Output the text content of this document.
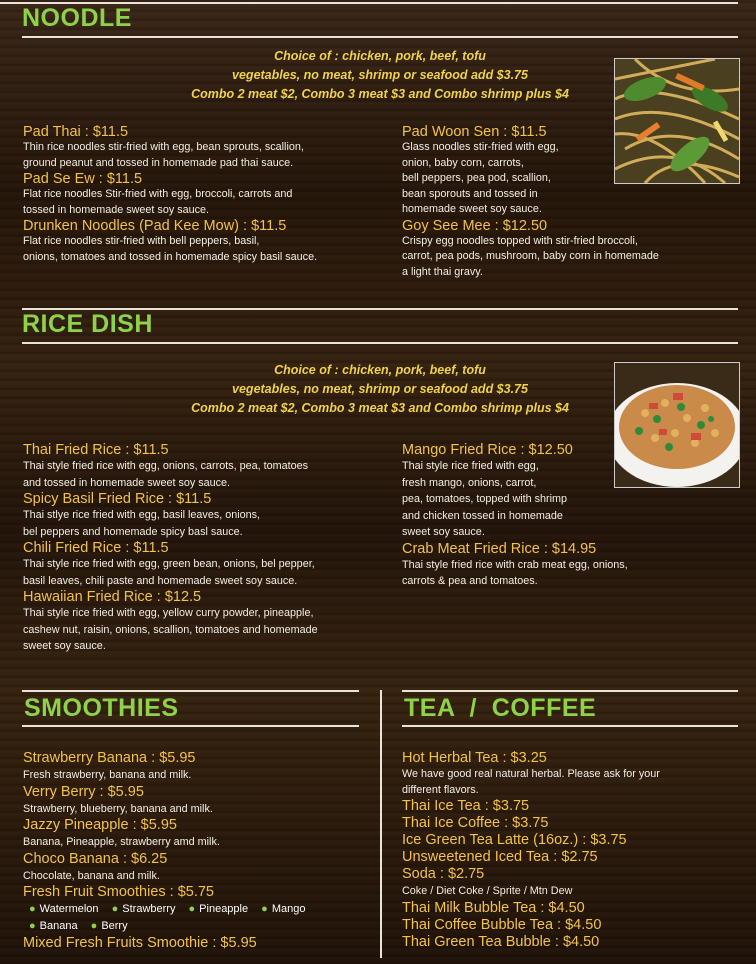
NOODLE
Choice of : chicken, pork, beef, tofu
vegetables, no meat, shrimp or seafood add $3.75
Combo 2 meat $2, Combo 3 meat $3 and Combo shrimp plus $4
Pad Thai : $11.5
Thin rice noodles stir-fried with egg, bean sprouts, scallion,
ground peanut and tossed in homemade pad thai sauce.
Pad Se Ew : $11.5
Flat rice noodles Stir-fried with egg, broccoli, carrots and
tossed in homemade sweet soy sauce.
Drunken Noodles (Pad Kee Mow) : $11.5
Flat rice noodles stir-fried with bell peppers, basil,
onions, tomatoes and tossed in homemade spicy basil sauce.
Pad Woon Sen : $11.5
Glass noodles stir-fried with egg,
onion, baby corn, carrots,
bell peppers, pea pod, scallion,
bean sporouts and tossed in
homemade sweet soy sauce.
Goy See Mee : $12.50
Crispy egg noodles topped with stir-fried broccoli,
carrot, pea pods, mushroom, baby corn in homemade
a light thai gravy.
RICE DISH
Choice of : chicken, pork, beef, tofu
vegetables, no meat, shrimp or seafood add $3.75
Combo 2 meat $2, Combo 3 meat $3 and Combo shrimp plus $4
Thai Fried Rice : $11.5
Thai style fried rice with egg, onions, carrots, pea, tomatoes
and tossed in homemade sweet soy sauce.
Spicy Basil Fried Rice : $11.5
Thai stlye rice fried with egg, basil leaves, onions,
bel peppers and homemade spicy basl sauce.
Chili Fried Rice : $11.5
Thai style rice fried with egg, green bean, onions, bel pepper,
basil leaves, chili paste and homemade sweet soy sauce.
Hawaiian Fried Rice : $12.5
Thai style rice fried with egg, yellow curry powder, pineapple,
cashew nut, raisin, onions, scallion, tomatoes and homemade
sweet soy sauce.
Mango Fried Rice : $12.50
Thai style rice fried with egg,
fresh mango, onions, carrot,
pea, tomatoes, topped with shrimp
and chicken tossed in homemade
sweet soy sauce.
Crab Meat Fried Rice : $14.95
Thai style fried rice with crab meat egg, onions,
carrots & pea and tomatoes.
SMOOTHIES
Strawberry Banana : $5.95
Fresh strawberry, banana and milk.
Verry Berry : $5.95
Strawberry, blueberry, banana and milk.
Jazzy Pineapple : $5.95
Banana, Pineapple, strawberry amd milk.
Choco Banana : $6.25
Chocolate, banana and milk.
Fresh Fruit Smoothies : $5.75
● Watermelon ● Strawberry ● Pineapple ● Mango
● Banana ● Berry
Mixed Fresh Fruits Smoothie : $5.95
TEA  /  COFFEE
Hot Herbal Tea : $3.25
We have good real natural herbal. Please ask for your
different flavors.
Thai Ice Tea : $3.75
Thai Ice Coffee : $3.75
Ice Green Tea Latte (16oz.) : $3.75
Unsweetened Iced Tea : $2.75
Soda : $2.75
Coke / Diet Coke / Sprite / Mtn Dew
Thai Milk Bubble Tea : $4.50
Thai Coffee Bubble Tea : $4.50
Thai Green Tea Bubble : $4.50
